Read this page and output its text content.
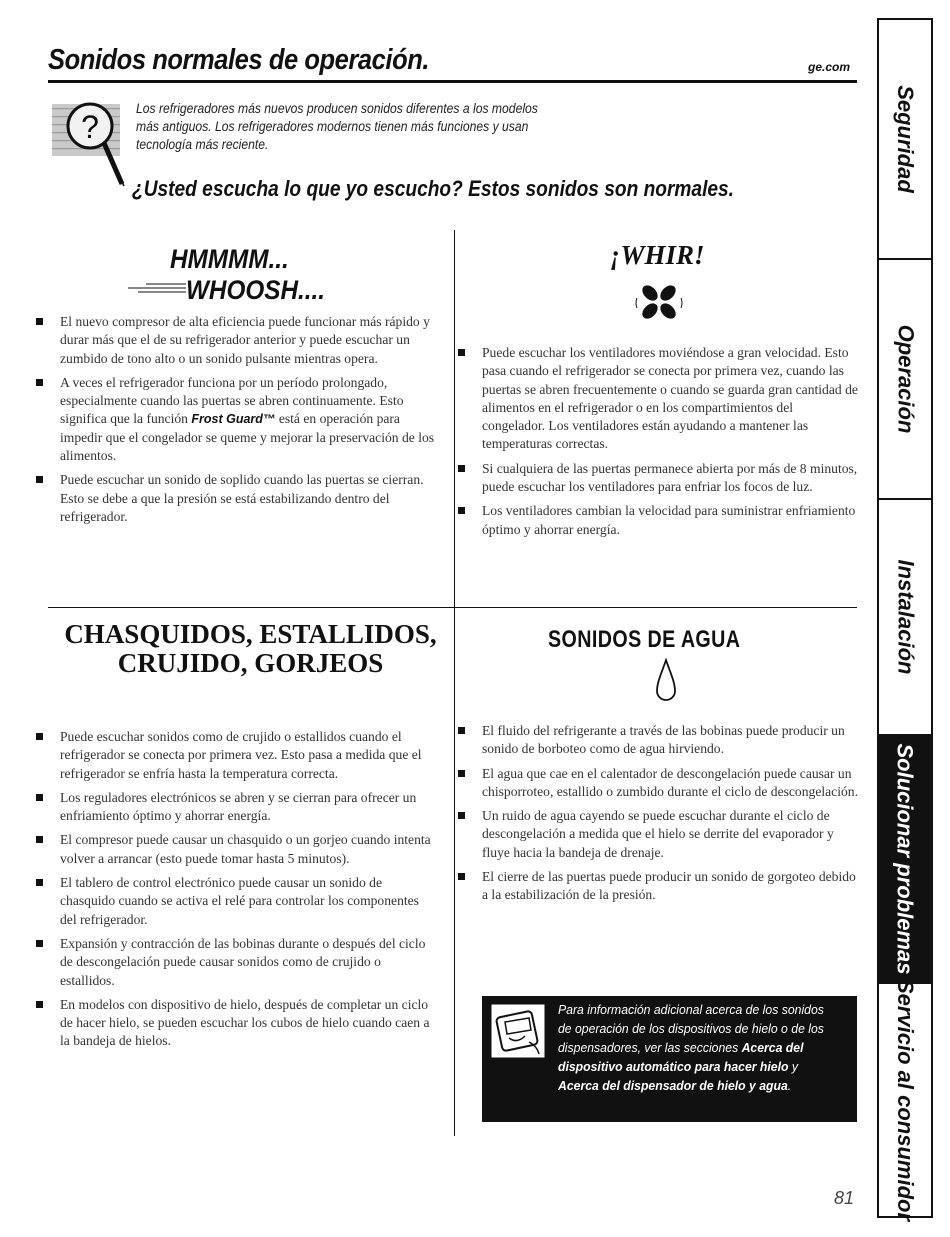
Sonidos normales de operación.	ge.com
?
Los refrigeradores más nuevos producen sonidos diferentes a los modelos más antiguos. Los refrigeradores modernos tienen más funciones y usan tecnología más reciente.
¿Usted escucha lo que yo escucho? Estos sonidos son normales.
HMMMM...
WHOOSH....
El nuevo compresor de alta eficiencia puede funcionar más rápido y durar más que el de su refrigerador anterior y puede escuchar un zumbido de tono alto o un sonido pulsante mientras opera.
A veces el refrigerador funciona por un período prolongado, especialmente cuando las puertas se abren continuamente. Esto significa que la función Frost Guard™ está en operación para impedir que el congelador se queme y mejorar la preservación de los alimentos.
Puede escuchar un sonido de soplido cuando las puertas se cierran. Esto se debe a que la presión se está estabilizando dentro del refrigerador.
¡WHIR!
Puede escuchar los ventiladores moviéndose a gran velocidad. Esto pasa cuando el refrigerador se conecta por primera vez, cuando las puertas se abren frecuentemente o cuando se guarda gran cantidad de alimentos en el refrigerador o en los compartimientos del congelador. Los ventiladores están ayudando a mantener las temperaturas correctas.
Si cualquiera de las puertas permanece abierta por más de 8 minutos, puede escuchar los ventiladores para enfriar los focos de luz.
Los ventiladores cambian la velocidad para suministrar enfriamiento óptimo y ahorrar energía.
CHASQUIDOS, ESTALLIDOS, CRUJIDO, GORJEOS
Puede escuchar sonidos como de crujido o estallidos cuando el refrigerador se conecta por primera vez. Esto pasa a medida que el refrigerador se enfría hasta la temperatura correcta.
Los reguladores electrónicos se abren y se cierran para ofrecer un enfriamiento óptimo y ahorrar energía.
El compresor puede causar un chasquido o un gorjeo cuando intenta volver a arrancar (esto puede tomar hasta 5 minutos).
El tablero de control electrónico puede causar un sonido de chasquido cuando se activa el relé para controlar los componentes del refrigerador.
Expansión y contracción de las bobinas durante o después del ciclo de descongelación puede causar sonidos como de crujido o estallidos.
En modelos con dispositivo de hielo, después de completar un ciclo de hacer hielo, se pueden escuchar los cubos de hielo cuando caen a la bandeja de hielos.
SONIDOS DE AGUA
El fluido del refrigerante a través de las bobinas puede producir un sonido de borboteo como de agua hirviendo.
El agua que cae en el calentador de descongelación puede causar un chisporroteo, estallido o zumbido durante el ciclo de descongelación.
Un ruido de agua cayendo se puede escuchar durante el ciclo de descongelación a medida que el hielo se derrite del evaporador y fluye hacia la bandeja de drenaje.
El cierre de las puertas puede producir un sonido de gorgoteo debido a la estabilización de la presión.
Para información adicional acerca de los sonidos de operación de los dispositivos de hielo o de los dispensadores, ver las secciones Acerca del dispositivo automático para hacer hielo y Acerca del dispensador de hielo y agua.
81
Seguridad
Operación
Instalación
Solucionar problemas
Servicio al consumidor
